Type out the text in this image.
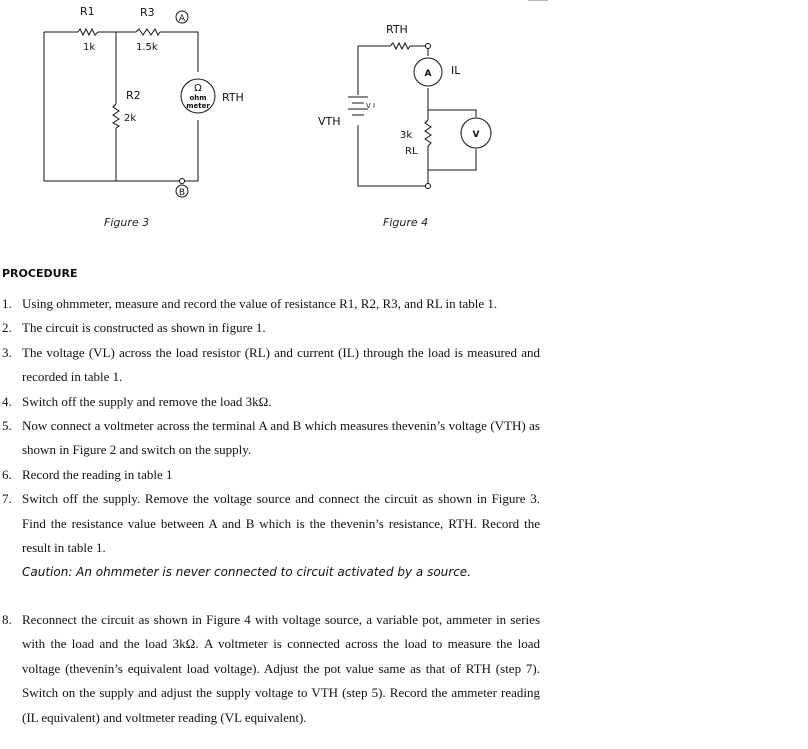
R1
1k
R3
1.5k
R2
2k
A
B
Ω
ohm
meter
RTH
RTH
VTH
V I
A IL
3k
RL
V
Figure 3	Figure 4
PROCEDURE
1. Using ohmmeter, measure and record the value of resistance R1, R2, R3, and RL in table 1.
2. The circuit is constructed as shown in figure 1.
3. The voltage (VL) across the load resistor (RL) and current (IL) through the load is measured and recorded in table 1.
4. Switch off the supply and remove the load 3kΩ.
5. Now connect a voltmeter across the terminal A and B which measures thevenin’s voltage (VTH) as shown in Figure 2 and switch on the supply.
6. Record the reading in table 1
7. Switch off the supply. Remove the voltage source and connect the circuit as shown in Figure 3. Find the resistance value between A and B which is the thevenin’s resistance, RTH. Record the result in table 1.
Caution: An ohmmeter is never connected to circuit activated by a source.
8. Reconnect the circuit as shown in Figure 4 with voltage source, a variable pot, ammeter in series with the load and the load 3kΩ. A voltmeter is connected across the load to measure the load voltage (thevenin’s equivalent load voltage). Adjust the pot value same as that of RTH (step 7). Switch on the supply and adjust the supply voltage to VTH (step 5). Record the ammeter reading (IL equivalent) and voltmeter reading (VL equivalent).
